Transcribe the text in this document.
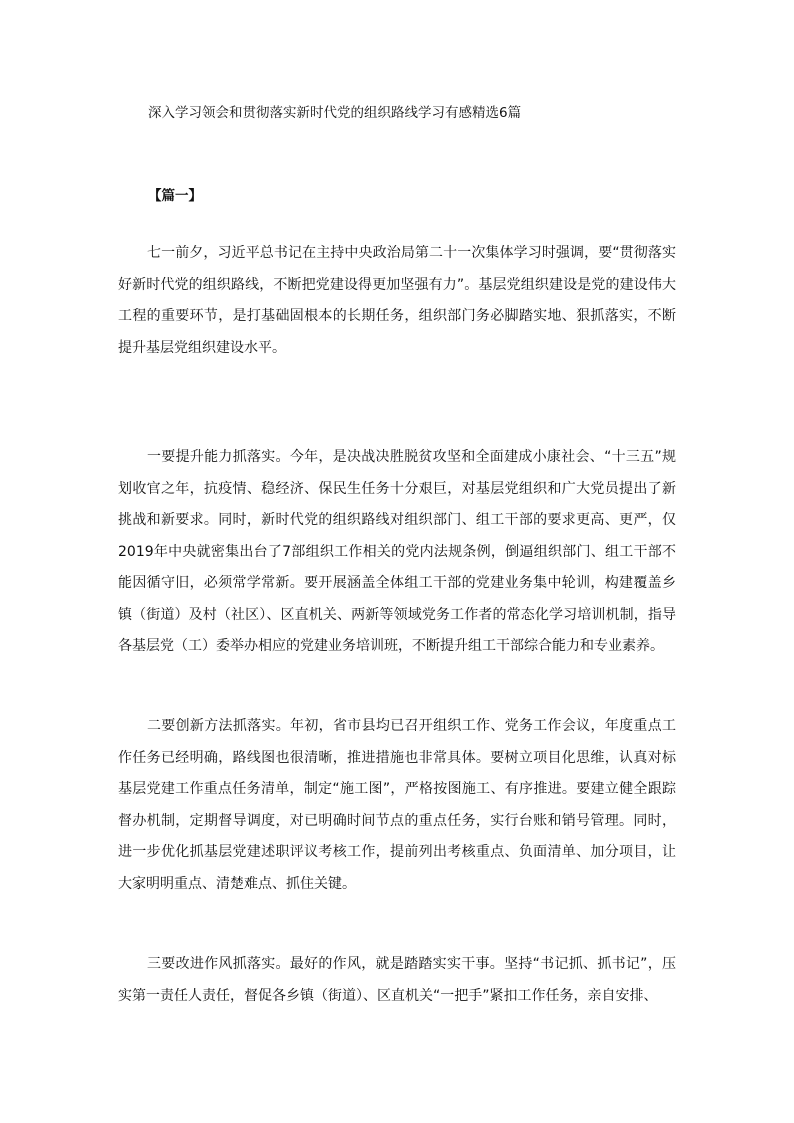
深入学习领会和贯彻落实新时代党的组织路线学习有感精选6篇
【篇一】

七一前夕，习近平总书记在主持中央政治局第二十一次集体学习时强调，要“贯彻落实好新时代党的组织路线，不断把党建设得更加坚强有力”。基层党组织建设是党的建设伟大工程的重要环节，是打基础固根本的长期任务，组织部门务必脚踏实地、狠抓落实，不断提升基层党组织建设水平。

一要提升能力抓落实。今年，是决战决胜脱贫攻坚和全面建成小康社会、“十三五”规划收官之年，抗疫情、稳经济、保民生任务十分艰巨，对基层党组织和广大党员提出了新挑战和新要求。同时，新时代党的组织路线对组织部门、组工干部的要求更高、更严，仅2019年中央就密集出台了7部组织工作相关的党内法规条例，倒逼组织部门、组工干部不能因循守旧，必须常学常新。要开展涵盖全体组工干部的党建业务集中轮训，构建覆盖乡镇（街道）及村（社区）、区直机关、两新等领域党务工作者的常态化学习培训机制，指导各基层党（工）委举办相应的党建业务培训班，不断提升组工干部综合能力和专业素养。

二要创新方法抓落实。年初，省市县均已召开组织工作、党务工作会议，年度重点工作任务已经明确，路线图也很清晰，推进措施也非常具体。要树立项目化思维，认真对标基层党建工作重点任务清单，制定“施工图”，严格按图施工、有序推进。要建立健全跟踪督办机制，定期督导调度，对已明确时间节点的重点任务，实行台账和销号管理。同时，进一步优化抓基层党建述职评议考核工作，提前列出考核重点、负面清单、加分项目，让大家明明重点、清楚难点、抓住关键。

三要改进作风抓落实。最好的作风，就是踏踏实实干事。坚持“书记抓、抓书记”，压实第一责任人责任，督促各乡镇（街道）、区直机关“一把手”紧扣工作任务，亲自安排、
